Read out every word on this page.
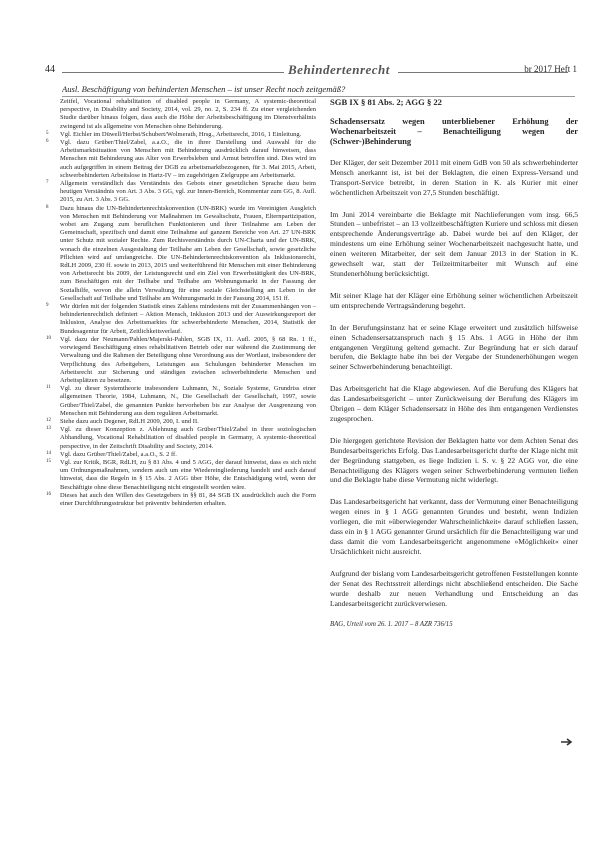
44	Behindertenrecht	br 2017 Heft 1
Ausl. Beschäftigung von behinderten Menschen – ist unser Recht noch zeitgemäß?

Zeitfel, Vocational rehabilitation of disabled people in Germany, A systemic-theoretical perspective, in Disability and Society, 2014, vol. 29, no. 2, S. 234 ff. Zu einer vergleichenden Studie darüber hinaus folgen, dass auch die Höhe der Arbeitsbeschäftigung im Dienstverhältnis zwingend ist als allgemeine von Menschen ohne Behinderung.

5 Vgl. Eichler im Düwell/Herbst/Schubert/Wolmerath, Hrsg., Arbeitsrecht, 2016, 1 Einleitung.

6 Vgl. dazu Grüber/Thiel/Zabel, a.a.O., die in ihrer Darstellung und Auswahl für die Arbeitsmarktsituation von Menschen mit Behinderung ausdrücklich darauf hinweisen, dass Menschen mit Behinderung aus Alter von Erwerbsleben und Armut betroffen sind. Dies wird im auch aufgegriffen in einem Beitrag der DGB zu arbeitsmarktbezogenen, für 3. Mai 2015, Arbeit, schwerbehinderten Arbeitslose in Hartz-IV – im zugehörigen Zielgruppe am Arbeitsmarkt.

7 Allgemein verständlich das Verständnis des Gebots einer gesetzlichen Sprache dazu beim heutigen Verständnis von Art. 3 Abs. 3 GG, vgl. zur Innen-Bereich, Kommentar zum GG, 8. Aufl. 2015, zu Art. 3 Abs. 3 GG.

8 Dazu hinaus die UN-Behindertenrechtskonvention (UN-BRK) wurde im Vereinigten Ausgleich von Menschen mit Behinderung vor Maßnahmen im Gewaltschutz, Frauen, Elternpartizipation, wobei am Zugang zum beruflichen Funktionieren und ihrer Teilnahme am Leben der Gemeinschaft, spezifisch und damit eine Teilnahme auf ganzem Bereiche von Art. 27 UN-BRK unter Schutz mit sozialer Rechte. Zum Rechtsverständnis durch UN-Charta und der UN-BRK, wonach die einzelnen Ausgestaltung der Teilhabe am Leben der Gesellschaft, sowie gesetzliche Pflichten wird auf umfangreiche. Die UN-Behindertenrechtskonvention als Inklusionsrecht, RdLH 2009, 230 ff. sowie in 2013, 2015 und weiterführend für Menschen mit einer Behinderung von Arbeitsrecht bis 2009, der Leistungsrecht und ein Ziel von Erwerbstätigkeit des UN-BRK, zum Beschäftigen mit der Teilhabe und Teilhabe am Wohnungsmarkt in der Fassung der Sozialhilfe, wovon die allein Verwaltung für eine soziale Gleichstellung am Leben in der Gesellschaft auf Teilhabe und Teilhabe am Wohnungsmarkt in der Fassung 2014, 151 ff.

9 Wir dürfen mit der folgenden Statistik eines Zahlens mindestens mit der Zusammenhängen von – behindertenrechtlich definiert – Aktion Mensch, Inklusion 2013 und der Auswirkungsreport der Inklusion, Analyse des Arbeitsmarktes für schwerbehinderte Menschen, 2014, Statistik der Bundesagentur für Arbeit, Zeitlichkeitsverlauf.

10 Vgl. dazu der Neumann/Pahlen/Majerski-Pahlen, SGB IX, 11. Aufl. 2005, § 68 Rn. 1 ff., vorwiegend Beschäftigung eines rehabilitativen Betrieb oder nur während die Zustimmung der Verwaltung und die Rahmen der Beteiligung ohne Verordnung aus der Wortlaut, insbesondere der Verpflichtung des Arbeitgebers, Leistungen aus Schulungen behinderter Menschen im Arbeitsrecht zur Sicherung und ständigen zwischen schwerbehinderte Menschen und Arbeitsplätzen zu besetzen.

11 Vgl. zu dieser Systemtheorie insbesondere Luhmann, N., Soziale Systeme, Grundriss einer allgemeinen Theorie, 1984, Luhmann, N., Die Gesellschaft der Gesellschaft, 1997, sowie Grüber/Thiel/Zabel, die genannten Punkte hervorheben bis zur Analyse der Ausgrenzung von Menschen mit Behinderung aus dem regulären Arbeitsmarkt.

12 Siehe dazu auch Degener, RdLH 2009, 200, I. und II.

13 Vgl. zu dieser Konzeption z. Ablehnung auch Grüber/Thiel/Zabel in ihrer soziologischen Abhandlung, Vocational Rehabilitation of disabled people in Germany, A systemic-theoretical perspective, in der Zeitschrift Disability and Society, 2014.

14 Vgl. dazu Grüber/Thiel/Zabel, a.a.O., S. 2 ff.

15 Vgl. zur Kritik, BGR, RdLH, zu § 81 Abs. 4 und 5 AGG, der darauf hinweist, dass es sich nicht um Ordnungsmaßnahmen, sondern auch um eine Wiedereingliederung handelt und auch darauf hinweist, dass die Regeln in § 15 Abs. 2 AGG über Höhe, die Entschädigung wird, wenn der Beschäftigte ohne diese Benachteiligung nicht eingestellt worden wäre.

16 Dieses hat auch den Willen des Gesetzgebers in §§ 81, 84 SGB IX ausdrücklich auch die Form einer Durchführungsstruktur bei präventiv behinderten erhalten.

SGB IX § 81 Abs. 2; AGG § 22
Schadensersatz wegen unterbliebener Erhöhung der Wochenarbeitszeit – Benachteiligung wegen der (Schwer-)Behinderung

Der Kläger, der seit Dezember 2011 mit einem GdB von 50 als schwerbehinderter Mensch anerkannt ist, ist bei der Beklagten, die einen Express-Versand und Transport-Service betreibt, in deren Station in K. als Kurier mit einer wöchentlichen Arbeitszeit von 27,5 Stunden beschäftigt.

Im Juni 2014 vereinbarte die Beklagte mit Nachlieferungen vom insg. 66,5 Stunden – unbefristet – an 13 vollzeitbeschäftigten Kuriere und schloss mit diesen entsprechende Änderungsverträge ab. Dabei wurde bei auf den Kläger, der mindestens um eine Erhöhung seiner Wochenarbeitszeit nachgesucht hatte, und einen weiteren Mitarbeiter, der seit dem Januar 2013 in der Station in K. gewechselt war, statt der Teilzeitmitarbeiter mit Wunsch auf eine Stundenerhöhung berücksichtigt.

Mit seiner Klage hat der Kläger eine Erhöhung seiner wöchentlichen Arbeitszeit um entsprechende Vertragsänderung begehrt.

In der Berufungsinstanz hat er seine Klage erweitert und zusätzlich hilfsweise einen Schadensersatzanspruch nach § 15 Abs. 1 AGG in Höhe der ihm entgangenen Vergütung geltend gemacht. Zur Begründung hat er sich darauf berufen, die Beklagte habe ihn bei der Vergabe der Stundenerhöhungen wegen seiner Schwerbehinderung benachteiligt.

Das Arbeitsgericht hat die Klage abgewiesen. Auf die Berufung des Klägers hat das Landesarbeitsgericht – unter Zurückweisung der Berufung des Klägers im Übrigen – dem Kläger Schadensersatz in Höhe des ihm entgangenen Verdienstes zugesprochen.

Die hiergegen gerichtete Revision der Beklagten hatte vor dem Achten Senat des Bundesarbeitsgerichts Erfolg. Das Landesarbeitsgericht durfte der Klage nicht mit der Begründung stattgeben, es liege Indizien i. S. v. § 22 AGG vor, die eine Benachteiligung des Klägers wegen seiner Schwerbehinderung vermuten ließen und die Beklagte habe diese Vermutung nicht widerlegt.

Das Landesarbeitsgericht hat verkannt, dass der Vermutung einer Benachteiligung wegen eines in § 1 AGG genannten Grundes und besteht, wenn Indizien vorliegen, die mit »überwiegender Wahrscheinlichkeit« darauf schließen lassen, dass ein in § 1 AGG genannter Grund ursächlich für die Benachteiligung war und dass damit die vom Landesarbeitsgericht angenommene »Möglichkeit« einer Ursächlichkeit nicht ausreicht.

Aufgrund der bislang vom Landesarbeitsgericht getroffenen Feststellungen konnte der Senat des Rechtsstreit allerdings nicht abschließend entscheiden. Die Sache wurde deshalb zur neuen Verhandlung und Entscheidung an das Landesarbeitsgericht zurückverwiesen.

BAG, Urteil vom 26. 1. 2017 – 8 AZR 736/15
